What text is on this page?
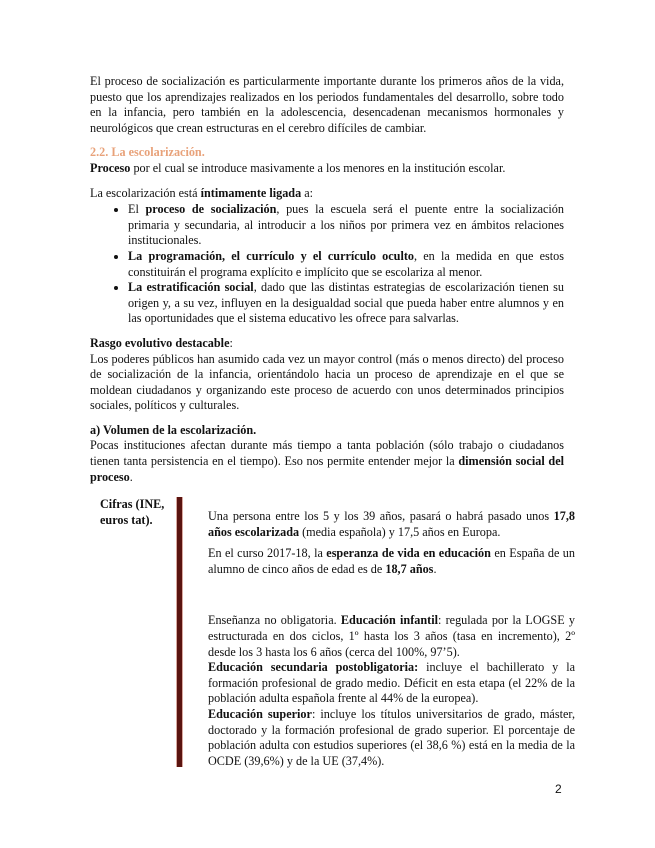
El proceso de socialización es particularmente importante durante los primeros años de la vida, puesto que los aprendizajes realizados en los periodos fundamentales del desarrollo, sobre todo en la infancia, pero también en la adolescencia, desencadenan mecanismos hormonales y neurológicos que crean estructuras en el cerebro difíciles de cambiar.

2.2. La escolarización.

Proceso por el cual se introduce masivamente a los menores en la institución escolar.

La escolarización está íntimamente ligada a:

• El proceso de socialización, pues la escuela será el puente entre la socialización primaria y secundaria, al introducir a los niños por primera vez en ámbitos relaciones institucionales.
• La programación, el currículo y el currículo oculto, en la medida en que estos constituirán el programa explícito e implícito que se escolariza al menor.
• La estratificación social, dado que las distintas estrategias de escolarización tienen su origen y, a su vez, influyen en la desigualdad social que pueda haber entre alumnos y en las oportunidades que el sistema educativo les ofrece para salvarlas.

Rasgo evolutivo destacable:

Los poderes públicos han asumido cada vez un mayor control (más o menos directo) del proceso de socialización de la infancia, orientándolo hacia un proceso de aprendizaje en el que se moldean ciudadanos y organizando este proceso de acuerdo con unos determinados principios sociales, políticos y culturales.

a) Volumen de la escolarización.

Pocas instituciones afectan durante más tiempo a tanta población (sólo trabajo o ciudadanos tienen tanta persistencia en el tiempo). Eso nos permite entender mejor la dimensión social del proceso.

Cifras (INE, euros tat).	Una persona entre los 5 y los 39 años, pasará o habrá pasado unos 17,8 años escolarizada (media española) y 17,5 años en Europa.

En el curso 2017-18, la esperanza de vida en educación en España de un alumno de cinco años de edad es de 18,7 años.

Enseñanza no obligatoria. Educación infantil: regulada por la LOGSE y estructurada en dos ciclos, 1º hasta los 3 años (tasa en incremento), 2º desde los 3 hasta los 6 años (cerca del 100%, 97’5).

Educación secundaria postobligatoria: incluye el bachillerato y la formación profesional de grado medio. Déficit en esta etapa (el 22% de la población adulta española frente al 44% de la europea).

Educación superior: incluye los títulos universitarios de grado, máster, doctorado y la formación profesional de grado superior. El porcentaje de población adulta con estudios superiores (el 38,6 %) está en la media de la OCDE (39,6%) y de la UE (37,4%).

2
